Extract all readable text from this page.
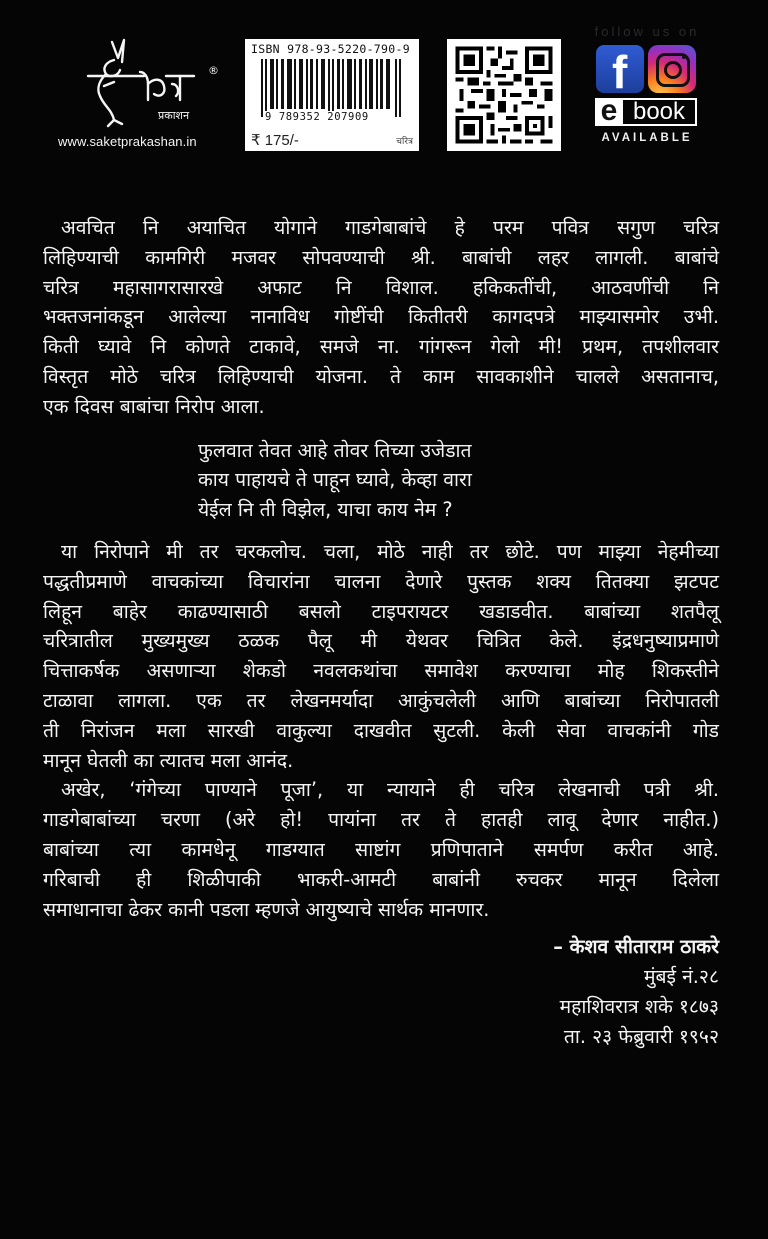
प्रकाशन
®
www.saketprakashan.in
ISBN 978-93-5220-790-9
9 789352 207909
₹ 175/-	चरित्र
follow us on
f
e book
AVAILABLE

अवचित नि अयाचित योगाने गाडगेबाबांचे हे परम पवित्र सगुण चरित्र
लिहिण्याची कामगिरी मजवर सोपवण्याची श्री. बाबांची लहर लागली. बाबांचे
चरित्र महासागरासारखे अफाट नि विशाल. हकिकतींची, आठवणींची नि
भक्तजनांकडून आलेल्या नानाविध गोष्टींची कितीतरी कागदपत्रे माझ्यासमोर उभी.
किती घ्यावे नि कोणते टाकावे, समजे ना. गांगरून गेलो मी! प्रथम, तपशीलवार
विस्तृत मोठे चरित्र लिहिण्याची योजना. ते काम सावकाशीने चालले असतानाच,
एक दिवस बाबांचा निरोप आला.

फुलवात तेवत आहे तोवर तिच्या उजेडात
काय पाहायचे ते पाहून घ्यावे, केव्हा वारा
येईल नि ती विझेल, याचा काय नेम ?

या निरोपाने मी तर चरकलोच. चला, मोठे नाही तर छोटे. पण माझ्या नेहमीच्या
पद्धतीप्रमाणे वाचकांच्या विचारांना चालना देणारे पुस्तक शक्य तितक्या झटपट
लिहून बाहेर काढण्यासाठी बसलो टाइपरायटर खडाडवीत. बाबांच्या शतपैलू
चरित्रातील मुख्यमुख्य ठळक पैलू मी येथवर चित्रित केले. इंद्रधनुष्याप्रमाणे
चित्ताकर्षक असणाऱ्या शेकडो नवलकथांचा समावेश करण्याचा मोह शिकस्तीने
टाळावा लागला. एक तर लेखनमर्यादा आकुंचलेली आणि बाबांच्या निरोपातली
ती निरांजन मला सारखी वाकुल्या दाखवीत सुटली. केली सेवा वाचकांनी गोड
मानून घेतली का त्यातच मला आनंद.

अखेर, ‘गंगेच्या पाण्याने पूजा’, या न्यायाने ही चरित्र लेखनाची पत्री श्री.
गाडगेबाबांच्या चरणा (अरे हो! पायांना तर ते हातही लावू देणार नाहीत.)
बाबांच्या त्या कामधेनू गाडग्यात साष्टांग प्रणिपाताने समर्पण करीत आहे.
गरिबाची ही शिळीपाकी भाकरी-आमटी बाबांनी रुचकर मानून दिलेला
समाधानाचा ढेकर कानी पडला म्हणजे आयुष्याचे सार्थक मानणार.

– केशव सीताराम ठाकरे
मुंबई नं.२८
महाशिवरात्र शके १८७३
ता. २३ फेब्रुवारी १९५२
